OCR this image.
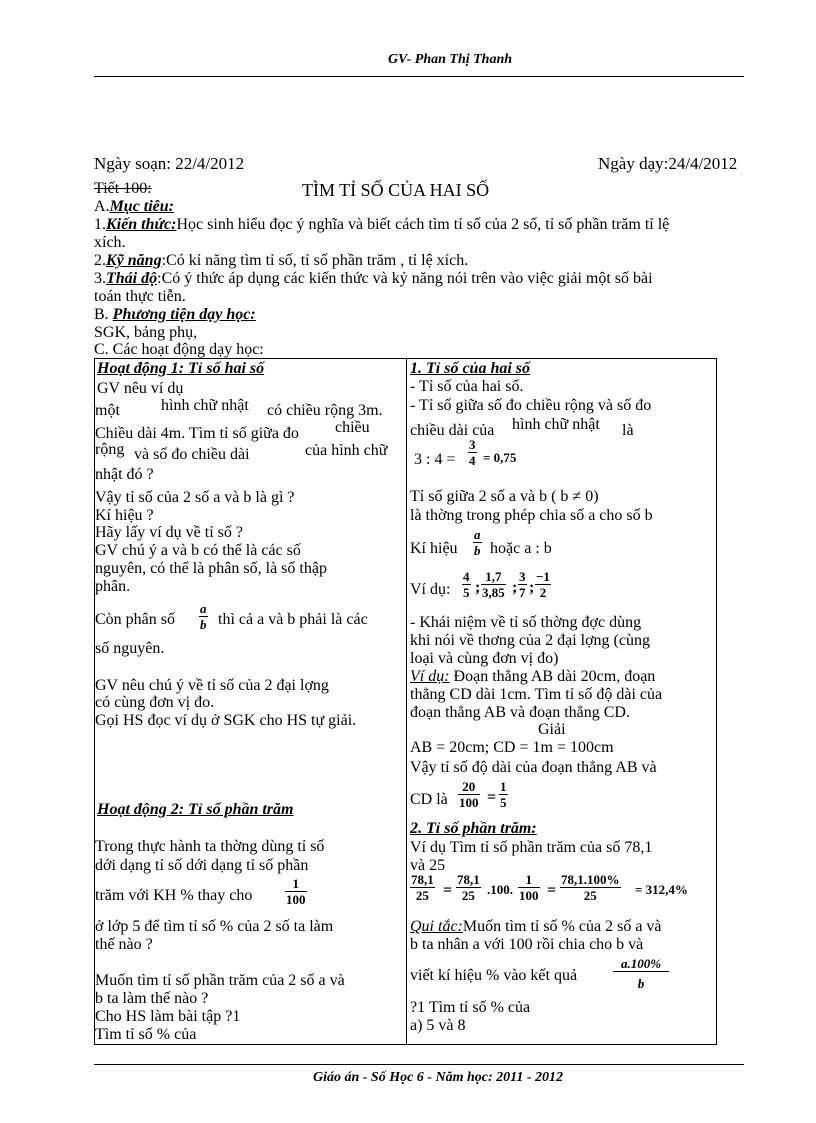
GV- Phan Thị Thanh
Ngày soạn: 22/4/2012	Ngày dạy:24/4/2012
Tiết 100:	TÌM TỈ SỐ CỦA HAI SỐ
A.Mục tiêu:
1.Kiến thức:Học sinh hiểu đọc ý nghĩa và biết cách tìm tỉ số của 2 số, tỉ số phần trăm tỉ lệ
xích.
2.Kỹ năng:Có kỉ năng tìm tỉ số, tỉ số phần trăm , tỉ lệ xích.
3.Thái độ:Có ý thức áp dụng các kiến thức và kỷ năng nói trên vào việc giải một số bài
toán thực tiễn.
B. Phương tiện dạy học:
SGK, bảng phụ,
C. Các hoạt động dạy học:
Hoạt động 1: Tỉ số hai số
GV nêu ví dụ
một	hình chữ nhật có chiều rộng 3m.
Chiều dài 4m. Tìm tỉ số giữa đo chiều
rộng và số đo chiều dài	của hình chữ
nhật đó ?
Vậy tỉ số của 2 số a và b là gì ?
Kí hiệu ?
Hãy lấy ví dụ về tỉ số ?
GV chú ý a và b có thể là các số
nguyên, có thể là phân số, là số thập
phân.
Còn phân số
a
b thì cả a và b phải là các
số nguyên.
GV nêu chú ý về tỉ số của 2 đại lợng
có cùng đơn vị đo.
Gọi HS đọc ví dụ ở SGK cho HS tự giải.
Hoạt động 2: Tỉ số phần trăm
Trong thực hành ta thờng dùng tỉ số
dới dạng tỉ số dới dạng tỉ số phần
trăm với KH % thay cho
1
100
ở lớp 5 để tìm tỉ số % của 2 số ta làm
thế nào ?
Muốn tìm tỉ số phần trăm của 2 số a và
b ta làm thế nào ?
Cho HS làm bài tập ?1
Tìm tỉ số % của
1. Tỉ số của hai số
- Tỉ số của hai số.
- Tỉ số giữa số đo chiều rộng và số đo
chiều dài của hình chữ nhật là
3 : 4 =
3
4 = 0,75
Tỉ số giữa 2 số a và b ( b ≠ 0)
là thờng trong phép chia số a cho số b
Kí hiệu
a
b hoặc a : b
Ví dụ:
4
5 ;
1,7
3,85 ;
3
7 ;
−1
2
- Khái niệm về tỉ số thờng đợc dùng
khi nói về thơng của 2 đại lợng (cùng
loại và cùng đơn vị đo)
Ví dụ: Đoạn thẳng AB dài 20cm, đoạn
thẳng CD dài 1cm. Tìm tỉ số độ dài của
đoạn thẳng AB và đoạn thẳng CD.
Giải
AB = 20cm; CD = 1m = 100cm
Vậy tỉ số độ dài của đoạn thẳng AB và
CD là
20
100 =
1
5
2. Tỉ số phần trăm:
Ví dụ Tìm tỉ số phần trăm của số 78,1
và 25
78,1
25 =
78,1
25 .100.
1
100 =
78,1.100%
25	= 312,4%
Qui tắc:Muốn tìm tỉ số % của 2 số a và
b ta nhân a với 100 rồi chia cho b và
viết kí hiệu % vào kết quả
a.100%
b
?1 Tìm tỉ số % của
a) 5 và 8
Giáo án - Số Học 6 - Năm học: 2011 - 2012
